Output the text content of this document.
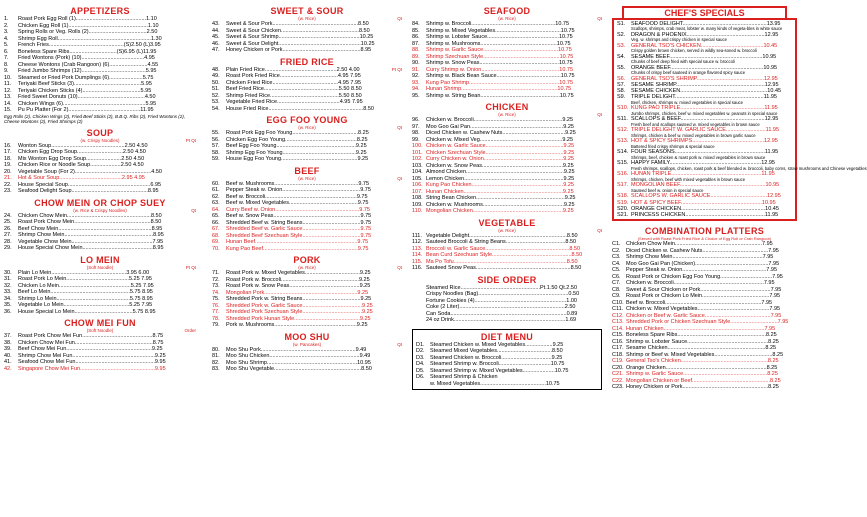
APPETIZERS
1. Roast Pork Egg Roll (1)..............................................1.10
2. Chicken Egg Roll (1)....................................................1.10
3. Spring Rolls or Veg. Rolls (2)......................................2.50
4. Shrimp Egg Roll.............................................................1.30
5. French Fries.................................................(S)2.50 (L)3.95
6. Boneless Spare Ribs...............................(S)6.95 (L)11.95
7. Fried Wontons (Pork) (10).........................................4.95
8. Cheese Wontons (Crab Rangoon) (6).........................4.55
9. Fried Jumbo Shrimps (12)..........................................5.95
10. Steamed or Fried Pork Dumplings (6)......................5.75
11. Teriyaki Beef Sticks (3)............................................5.95
12. Teriyaki Chicken Sticks (4)......................................5.95
13. Fried Sweet Donuts (10)............................................4.50
14. Chicken Wings (6)......................................................5.95
15. Pu Pu Platter (For 2)...............................................11.95
Egg Rolls (2), Chicken Wings (2), Fried Beef Sticks (2), B.B.Q. Ribs (2), Fried Wontons (2), Cheese Wontons (2), Fried Shrimps (2)
SOUP
(w. Crispy Noodles)	Pt Qt
16. Wonton Soup................................................2.50 4.50
17. Chicken Egg Drop Soup..............................2.50 4.50
18. Mix Wonton Egg Drop Soup.......................2.50 4.50
19. Chicken Rice or Noodle Soup....................2.50 4.50
20. Vegetable Soup (For 2)..................................................4.50
21. Hot & Sour Soup.........................................2.95 4.95
22. House Special Soup......................................................6.95
23. Seafood Delight Soup..................................................8.95
CHOW MEIN OR CHOP SUEY
(w. Rice & Crispy Noodles)	Qt
24. Chicken Chow Mein.......................................................8.50
25. Roast Pork Chow Mein..................................................8.50
26. Beef Chow Mein.............................................................8.95
27. Shrimp Chow Mein..........................................................8.95
28. Vegetable Chow Mein.....................................................7.95
29. House Special Chow Mein..............................................8.95
LO MEIN
(Soft Noodle)	Pt Qt
30. Plain Lo Mein.................................................3.95 6.00
31. Roast Pork Lo Mein.........................................5.25 7.95
32. Chicken Lo Mein...............................................5.25 7.95
33. Beef Lo Mein....................................................5.75 8.95
34. Shrimp Lo Mein................................................5.75 8.95
35. Vegetable Lo Mein...........................................5.25 7.95
36. House Special Lo Mein......................................5.75 8.95
CHOW MEI FUN
(Soft Noodle)	Order
37. Roast Pork Chow Mei Fun..............................................8.75
38. Chicken Chow Mei Fun...................................................8.75
39. Beef Chow Mei Fun........................................................9.25
40. Shrimp Chow Mei Fun......................................................9.25
41. Seafood Chow Mei Fun....................................................9.95
42. Singapore Chow Mei Fun.................................................9.95
SWEET & SOUR
(w. Rice)	Qt
43. Sweet & Sour Pork........................................................8.50
44. Sweet & Sour Chicken...................................................8.50
45. Sweet & Sour Shrimp.....................................................10.25
46. Sweet & Sour Delight......................................................10.25
47. Honey Chicken or Pork...................................................8.95
FRIED RICE
Pt Qt
48. Plain Fried Rice...............................................2.50 4.00
49. Roast Pork Fried Rice......................................4.95 7.95
50. Chicken Fried Rice...........................................4.95 7.95
51. Beef Fried Rice.................................................5.50 8.50
52. Shrimp Fried Rice.............................................5.50 8.50
53. Vegetable Fried Rice.........................................4.95 7.95
54. House Fried Rice..............................................................8.50
EGG FOO YOUNG
(w. Rice)	Qt
55. Roast Pork Egg Foo Young...........................................8.25
56. Chicken Egg Foo Young...............................................8.25
57. Beef Egg Foo Young....................................................9.25
58. Shrimp Egg Foo Young................................................9.25
59. House Egg Foo Young..................................................9.25
BEEF
(w. Rice)	Qt
60. Beef w. Mushrooms.......................................................9.75
61. Pepper Steak w. Onion...................................................9.75
62. Beef w. Broccoli............................................................9.75
63. Beef w. Mixed Vegetables.............................................9.75
64. Curry Beef w. Onion.......................................................9.75
65. Beef w. Snow Peas.........................................................9.75
66. Shredded Beef w. String Beans......................................9.75
67. Shredded Beef w. Garlic Sauce......................................9.75
68. Shredded Beef Szechuan Style......................................9.75
69. Hunan Beef...................................................................9.75
70. Kung Pao Beef..............................................................9.75
PORK
(w. Rice)	Qt
71. Roast Pork w. Mixed Vegetables....................................9.25
72. Roast Pork w. Broccoli...................................................9.25
73. Roast Pork w. Snow Peas..............................................9.25
74. Mongolian Pork.............................................................9.25
75. Shredded Pork w. String Beans......................................9.25
76. Shredded Pork w. Garlic Sauce.......................................9.25
77. Shredded Pork Szechuan Style.......................................9.25
78. Shredded Pork Hunan Style...........................................9.25
79. Pork w. Mushrooms......................................................9.25
MOO SHU
(w. Pancakes)	Qt
80. Moo Shu Pork..............................................................9.49
81. Moo Shu Chicken...........................................................9.49
82. Moo Shu Shrimp...........................................................10.95
83. Moo Shu Vegetable.........................................................8.50
SEAFOOD
(w. Rice)	Qt
84. Shrimp w. Broccoli.......................................................10.75
85. Shrimp w. Mixed Vegetables...........................................10.75
86. Shrimp w. Lobster Sauce...............................................10.75
87. Shrimp w. Mushrooms..................................................10.75
88. Shrimp w. Garlic Sauce.................................................10.75
89. Shrimp Szechuan Style..................................................10.75
90. Shrimp w. Snow Peas....................................................10.75
91. Curry Shrimp w. Onion...................................................10.75
92. Shrimp w. Black Bean Sauce..........................................10.75
93. Kung Pao Shrimp...........................................................10.75
94. Hunan Shrimp...............................................................10.75
95. Shrimp w. String Bean....................................................10.75
CHICKEN
(w. Rice)	Qt
96. Chicken w. Broccoli..........................................................9.25
97. Moo Goo Gai Pan.............................................................9.25
98. Diced Chicken w. Cashew Nuts.........................................9.25
99. Chicken w. Mixed Veg......................................................9.25
100. Chicken w. Garlic Sauce...................................................9.25
101. Chicken Szechuan Style...................................................9.25
102. Curry Chicken w. Onion....................................................9.25
103. Chicken w. Snow Peas.....................................................9.25
104. Almond Chicken................................................................9.25
105. Lemon Chicken.................................................................9.25
106. Kung Pao Chicken............................................................9.25
107. Hunan Chicken.................................................................9.25
108. String Bean Chicken..........................................................9.25
109. Chicken w. Mushrooms.....................................................9.25
110. Mongolian Chicken...........................................................9.25
VEGETABLE
(w. Rice)	Qt
111. Vegetable Delight................................................................8.50
112. Sauteed Broccoli & String Beans.......................................8.50
113. Broccoli w. Garlic Sauce.......................................................8.50
114. Bean Curd Szechuan Style....................................................8.50
115. Ma Po Tofu..........................................................................8.50
116. Sauteed Snow Peas..............................................................8.50
SIDE ORDER
Steamed Rice....................................................Pt.1.50 Qt.2.50
Crispy Noodles (Bag)...........................................................0.50
Fortune Cookies (4)............................................................1.00
Coke (2 Liter).....................................................................2.50
Can Soda............................................................................0.89
24 oz Drink.........................................................................1.69
DIET MENU
D1. Steamed Chicken w. Mixed Vegetables..................9.25
D2. Steamed Mixed Vegetables....................................8.50
D3. Steamed Chicken w. Broccoli.................................9.25
D4. Steamed Shrimp w. Broccoli..................................10.75
D5. Steamed Shrimp w. Mixed Vegetables.....................10.75
D6. Steamed Shrimp & Chicken
w. Mixed Vegetables...........................................10.75
CHEF'S SPECIALS
S1. SEAFOOD DELIGHT.......................................................13.95
Scallops, shrimps, crab meat, lobster w. many kinds of vegeta-bles in white sauce
S2. DRAGON & PHOENIX...................................................12.95
Veg. w. shrimps and crispy chicken in special sauce
S3. GENERAL TSO'S CHICKEN.........................................10.45
Crispy golden brown chicken, served in wildly sea-soned w. broccoli
S4. SESAME BEEF.............................................................10.95
Chunks of beef deep fried with special sauce w. broccoli
S5. ORANGE BEEF.............................................................10.95
Chunks of crispy beef sauteed in orange flavored spicy sauce
S6. GENERAL TSO'S SHRIMP............................................12.95
S7. SESAME SHRIMP..........................................................12.95
S8. SESAME CHICKEN.........................................................10.45
S9. TRIPLE DELIGHT..........................................................11.95
Beef, chicken, shrimps w. mixed vegetables in special sauce
S10. KUNG PAO TRIPLE.......................................................11.95
Jumbo shrimps, chicken, beef w. mixed vegetables w. peanuts in special sauce
S11. SCALLOPS & BEEF.......................................................12.95
Fresh beef and scallops sauteed w. mixed vegetables in brown sauce
S12. TRIPLE DELIGHT W. GARLIC SAUCE..........................11.95
Shrimps, chicken & beef w. mixed vegetables in brown garlic sauce
S13. HOT & SPICY SHRIMPS...............................................12.95
Battered fried crispy shrimps & special sauce
S14. FOUR SEASONS...........................................................11.95
Shrimps, beef, chicken & roast pork w. mixed vegetables in brown sauce
S15. HAPPY FAMILY............................................................12.95
Fresh shrimps, scallops, chicken, roast pork & beef blended w. broccoli, baby corns, straw mushrooms and Chinese vegetables
S16. HUNAN TRIPLE...........................................................11.95
Shrimps, chicken, beef with mixed vegetables in brown sauce
S17. MONGOLIAN BEEF........................................................10.95
Sauteed beef w. onion in special sauce
S18. SCALLOPS W. GARLIC SAUCE.....................................12.95
S19. HOT & SPICY BEEF.....................................................10.95
S20. ORANGE CHICKEN.......................................................10.45
S21. PRINCESS CHICKEN....................................................11.95
COMBINATION PLATTERS
(Served with Roast Pork Fried Rice & Choice of Egg Roll or Crab Rangoon)
C1. Chicken Chow Mein.........................................................7.95
C2. Diced Chicken w. Cashew Nuts...........................................7.95
C3. Shrimp Chow Mein...........................................................7.95
C4. Moo Goo Gai Pan (Chicken)................................................7.95
C5. Pepper Steak w. Onion.......................................................7.95
C6. Roast Pork or Chicken Egg Foo Young..................................7.95
C7. Chicken w. Broccoli...........................................................7.95
C8. Sweet & Sour Chicken or Pork..............................................7.95
C9. Roast Pork or Chicken Lo Mein............................................7.95
C10. Beef w. Broccoli...............................................................7.95
C11. Chicken w. Mixed Vegetables...............................................7.95
C12. Chicken or Beef w. Garlic Sauce...........................................7.95
C13. Shredded Pork or Chicken Szechuan Style...............................7.95
C14. Hunan Chicken..................................................................7.95
C15. Boneless Spare Ribs..........................................................8.25
C16. Shrimp w. Lobster Sauce.....................................................8.25
C17. Sesame Chicken................................................................8.25
C18. Shrimp or Beef w. Mixed Vegetables......................................8.25
C19. General Tso's Chicken.........................................................8.25
C20. Orange Chicken..................................................................8.25
C21. Shrimp w. Garlic Sauce.......................................................8.25
C22. Mongolian Chicken or Beef...................................................8.25
C23. Honey Chicken or Pork........................................................8.25
